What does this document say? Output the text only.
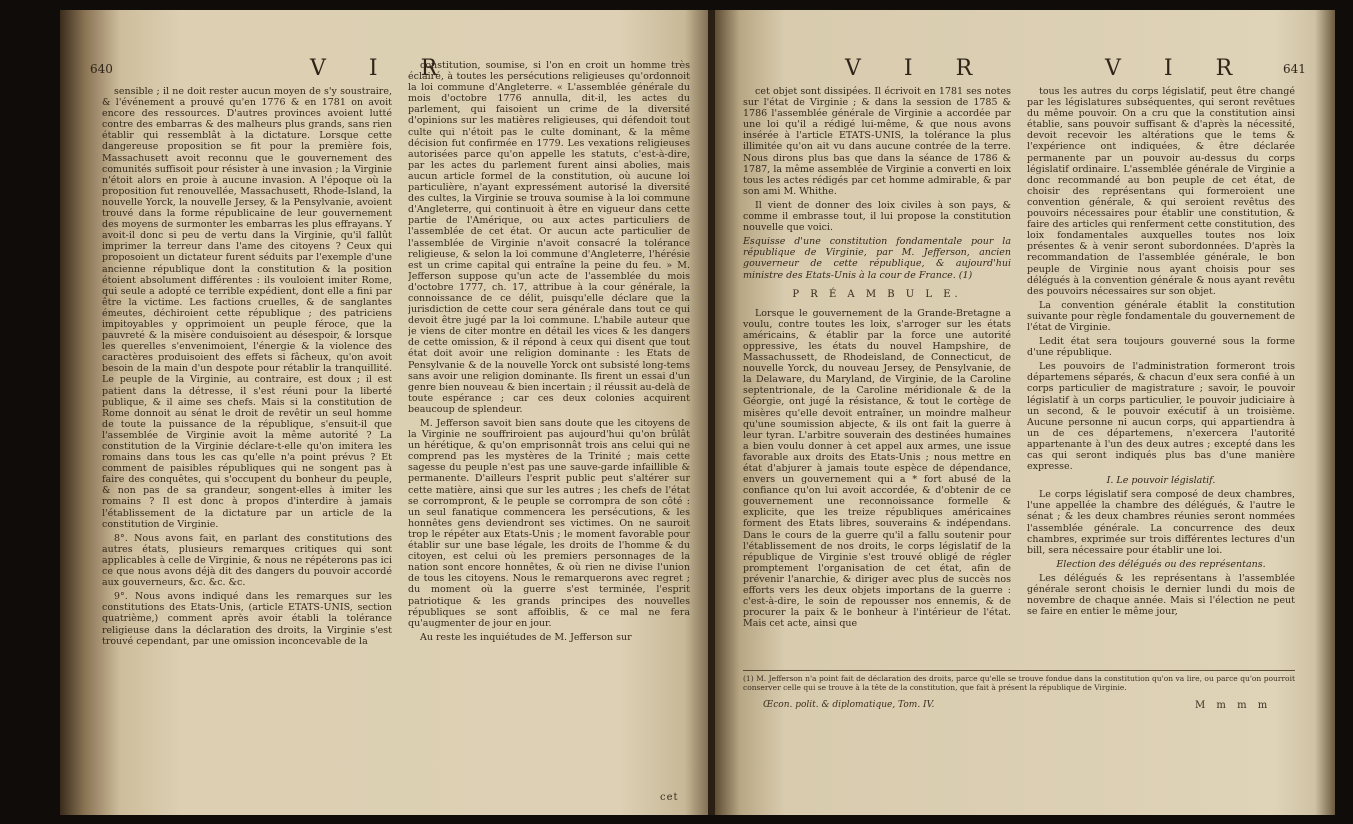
640	V I R

sensible ; il ne doit rester aucun moyen de s'y soustraire, & l'événement a prouvé qu'en 1776 & en 1781 on avoit encore des ressources. D'autres provinces avoient lutté contre des embarras & des malheurs plus grands, sans rien établir qui ressemblât à la dictature. Lorsque cette dangereuse proposition se fit pour la première fois, Massachusett avoit reconnu que le gouvernement des comunités suffisoit pour résister à une invasion ; la Virginie n'étoit alors en proie à aucune invasion. A l'époque où la proposition fut renouvellée, Massachusett, Rhode-Island, la nouvelle Yorck, la nouvelle Jersey, & la Pensylvanie, avoient trouvé dans la forme républicaine de leur gouvernement des moyens de surmonter les embarras les plus effrayans. Y avoit-il donc si peu de vertu dans la Virginie, qu'il fallût imprimer la terreur dans l'ame des citoyens ? Ceux qui proposoient un dictateur furent séduits par l'exemple d'une ancienne république dont la constitution & la position étoient absolument différentes : ils vouloient imiter Rome, qui seule a adopté ce terrible expédient, dont elle a fini par être la victime. Les factions cruelles, & de sanglantes émeutes, déchiroient cette république ; des patriciens impitoyables y opprimoient un peuple féroce, que la pauvreté & la misère conduisoient au désespoir, & lorsque les querelles s'envenimoient, l'énergie & la violence des caractères produisoient des effets si fâcheux, qu'on avoit besoin de la main d'un despote pour rétablir la tranquillité. Le peuple de la Virginie, au contraire, est doux ; il est patient dans la détresse, il s'est réuni pour la liberté publique, & il aime ses chefs. Mais si la constitution de Rome donnoit au sénat le droit de revêtir un seul homme de toute la puissance de la république, s'ensuit-il que l'assemblée de Virginie avoit la même autorité ? La constitution de la Virginie déclare-t-elle qu'on imitera les romains dans tous les cas qu'elle n'a point prévus ? Et comment de paisibles républiques qui ne songent pas à faire des conquêtes, qui s'occupent du bonheur du peuple, & non pas de sa grandeur, songent-elles à imiter les romains ? Il est donc à propos d'interdire à jamais l'établissement de la dictature par un article de la constitution de Virginie.

8°. Nous avons fait, en parlant des constitutions des autres états, plusieurs remarques critiques qui sont applicables à celle de Virginie, & nous ne répéterons pas ici ce que nous avons déjà dit des dangers du pouvoir accordé aux gouverneurs, &c. &c. &c.

9°. Nous avons indiqué dans les remarques sur les constitutions des Etats-Unis, (article ETATS-UNIS, section quatrième,) comment après avoir établi la tolérance religieuse dans la déclaration des droits, la Virginie s'est trouvé cependant, par une omission inconcevable de la

constitution, soumise, si l'on en croit un homme très éclairé, à toutes les persécutions religieuses qu'ordonnoit la loi commune d'Angleterre. « L'assemblée générale du mois d'octobre 1776 annulla, dit-il, les actes du parlement, qui faisoient un crime de la diversité d'opinions sur les matières religieuses, qui défendoit tout culte qui n'étoit pas le culte dominant, & la même décision fut confirmée en 1779. Les vexations religieuses autorisées parce qu'on appelle les statuts, c'est-à-dire, par les actes du parlement furent ainsi abolies, mais aucun article formel de la constitution, où aucune loi particulière, n'ayant expressément autorisé la diversité des cultes, la Virginie se trouva soumise à la loi commune d'Angleterre, qui continuoit à être en vigueur dans cette partie de l'Amérique, ou aux actes particuliers de l'assemblée de cet état. Or aucun acte particulier de l'assemblée de Virginie n'avoit consacré la tolérance religieuse, & selon la loi commune d'Angleterre, l'hérésie est un crime capital qui entraîne la peine du feu. » M. Jefferson suppose qu'un acte de l'assemblée du mois d'octobre 1777, ch. 17, attribue à la cour générale, la connoissance de ce délit, puisqu'elle déclare que la jurisdiction de cette cour sera générale dans tout ce qui devoit être jugé par la loi commune. L'habile auteur que je viens de citer montre en détail les vices & les dangers de cette omission, & il répond à ceux qui disent que tout état doit avoir une religion dominante : les Etats de Pensylvanie & de la nouvelle Yorck ont subsisté long-tems sans avoir une religion dominante. Ils firent un essai d'un genre bien nouveau & bien incertain ; il réussit au-delà de toute espérance ; car ces deux colonies acquirent beaucoup de splendeur.

M. Jefferson savoit bien sans doute que les citoyens de la Virginie ne souffriroient pas aujourd'hui qu'on brûlât un hérétique, & qu'on emprisonnât trois ans celui qui ne comprend pas les mystères de la Trinité ; mais cette sagesse du peuple n'est pas une sauve-garde infaillible & permanente. D'ailleurs l'esprit public peut s'altérer sur cette matière, ainsi que sur les autres ; les chefs de l'état se corrompront, & le peuple se corrompra de son côté : un seul fanatique commencera les persécutions, & les honnêtes gens deviendront ses victimes. On ne sauroit trop le répéter aux Etats-Unis ; le moment favorable pour établir sur une base légale, les droits de l'homme & du citoyen, est celui où les premiers personnages de la nation sont encore honnêtes, & où rien ne divise l'union de tous les citoyens. Nous le remarquerons avec regret ; du moment où la guerre s'est terminée, l'esprit patriotique & les grands principes des nouvelles républiques se sont affoiblis, & ce mal ne fera qu'augmenter de jour en jour.

Au reste les inquiétudes de M. Jefferson sur

cet
V I R	V I R	641

cet objet sont dissipées. Il écrivoit en 1781 ses notes sur l'état de Virginie ; & dans la session de 1785 & 1786 l'assemblée générale de Virginie a accordée par une loi qu'il a rédigé lui-même, & que nous avons insérée à l'article ETATS-UNIS, la tolérance la plus illimitée qu'on ait vu dans aucune contrée de la terre. Nous dirons plus bas que dans la séance de 1786 & 1787, la même assemblée de Virginie a converti en loix tous les actes rédigés par cet homme admirable, & par son ami M. Whithe.

Il vient de donner des loix civiles à son pays, & comme il embrasse tout, il lui propose la constitution nouvelle que voici.

Esquisse d'une constitution fondamentale pour la république de Virginie, par M. Jefferson, ancien gouverneur de cette république, & aujourd'hui ministre des Etats-Unis à la cour de France. (1)

P R É A M B U L E.

Lorsque le gouvernement de la Grande-Bretagne a voulu, contre toutes les loix, s'arroger sur les états américains, & établir par la force une autorité oppressive, les états du nouvel Hampshire, de Massachussett, de Rhodeisland, de Connecticut, de nouvelle Yorck, du nouveau Jersey, de Pensylvanie, de la Delaware, du Maryland, de Virginie, de la Caroline septentrionale, de la Caroline méridionale & de la Géorgie, ont jugé la résistance, & tout le cortège de misères qu'elle devoit entraîner, un moindre malheur qu'une soumission abjecte, & ils ont fait la guerre à leur tyran. L'arbitre souverain des destinées humaines a bien voulu donner à cet appel aux armes, une issue favorable aux droits des Etats-Unis ; nous mettre en état d'abjurer à jamais toute espèce de dépendance, envers un gouvernement qui a * fort abusé de la confiance qu'on lui avoit accordée, & d'obtenir de ce gouvernement une reconnoissance formelle & explicite, que les treize républiques américaines forment des Etats libres, souverains & indépendans. Dans le cours de la guerre qu'il a fallu soutenir pour l'établissement de nos droits, le corps législatif de la république de Virginie s'est trouvé obligé de régler promptement l'organisation de cet état, afin de prévenir l'anarchie, & diriger avec plus de succès nos efforts vers les deux objets importans de la guerre : c'est-à-dire, le soin de repousser nos ennemis, & de procurer la paix & le bonheur à l'intérieur de l'état. Mais cet acte, ainsi que

tous les autres du corps législatif, peut être changé par les législatures subséquentes, qui seront revêtues du même pouvoir. On a cru que la constitution ainsi établie, sans pouvoir suffisant & d'après la nécessité, devoit recevoir les altérations que le tems & l'expérience ont indiquées, & être déclarée permanente par un pouvoir au-dessus du corps législatif ordinaire. L'assemblée générale de Virginie a donc recommandé au bon peuple de cet état, de choisir des représentans qui formeroient une convention générale, & qui seroient revêtus des pouvoirs nécessaires pour établir une constitution, & faire des articles qui renferment cette constitution, des loix fondamentales auxquelles toutes nos loix présentes & à venir seront subordonnées. D'après la recommandation de l'assemblée générale, le bon peuple de Virginie nous ayant choisis pour ses délégués à la convention générale & nous ayant revêtu des pouvoirs nécessaires sur son objet.

La convention générale établit la constitution suivante pour règle fondamentale du gouvernement de l'état de Virginie.

Ledit état sera toujours gouverné sous la forme d'une république.

Les pouvoirs de l'administration formeront trois départemens séparés, & chacun d'eux sera confié à un corps particulier de magistrature ; savoir, le pouvoir législatif à un corps particulier, le pouvoir judiciaire à un second, & le pouvoir exécutif à un troisième. Aucune personne ni aucun corps, qui appartiendra à un de ces départemens, n'exercera l'autorité appartenante à l'un des deux autres ; excepté dans les cas qui seront indiqués plus bas d'une manière expresse.

I. Le pouvoir législatif.

Le corps législatif sera composé de deux chambres, l'une appellée la chambre des délégués, & l'autre le sénat ; & les deux chambres réunies seront nommées l'assemblée générale. La concurrence des deux chambres, exprimée sur trois différentes lectures d'un bill, sera nécessaire pour établir une loi.

Election des délégués ou des représentans.

Les délégués & les représentans à l'assemblée générale seront choisis le dernier lundi du mois de novembre de chaque année. Mais si l'élection ne peut se faire en entier le même jour,

(1) M. Jefferson n'a point fait de déclaration des droits, parce qu'elle se trouve fondue dans la constitution qu'on va lire, ou parce qu'on pourroit conserver celle qui se trouve à la tête de la constitution, que fait à présent la république de Virginie.
Œcon. polit. & diplomatique, Tom. IV.	M m m m
